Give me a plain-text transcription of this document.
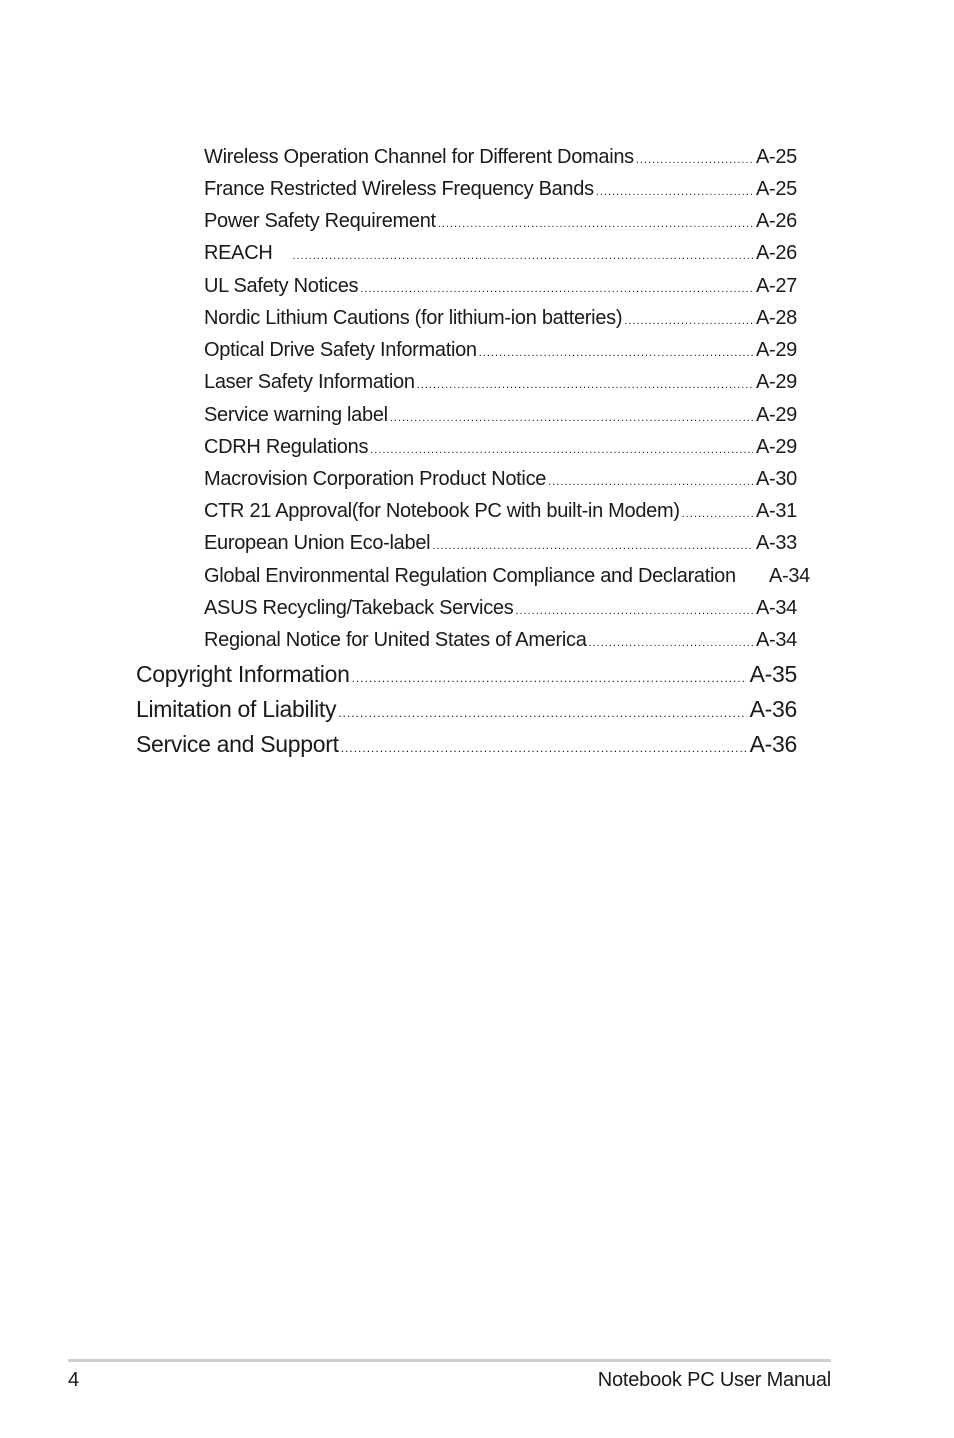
Wireless Operation Channel for Different Domains .....	A-25
France Restricted Wireless Frequency Bands .....	A-25
Power Safety Requirement .....	A-26
REACH .....	A-26
UL Safety Notices .....	A-27
Nordic Lithium Cautions (for lithium-ion batteries) .....	A-28
Optical Drive Safety Information .....	A-29
Laser Safety Information .....	A-29
Service warning label .....	A-29
CDRH Regulations .....	A-29
Macrovision Corporation Product Notice .....	A-30
CTR 21 Approval(for Notebook PC with built-in Modem) .....	A-31
European Union Eco-label .....	A-33
Global Environmental Regulation Compliance and Declaration A-34
ASUS Recycling/Takeback Services .....	A-34
Regional Notice for United States of America .....	A-34
Copyright Information .....	A-35
Limitation of Liability .....	A-36
Service and Support .....	A-36
4	Notebook PC User Manual
